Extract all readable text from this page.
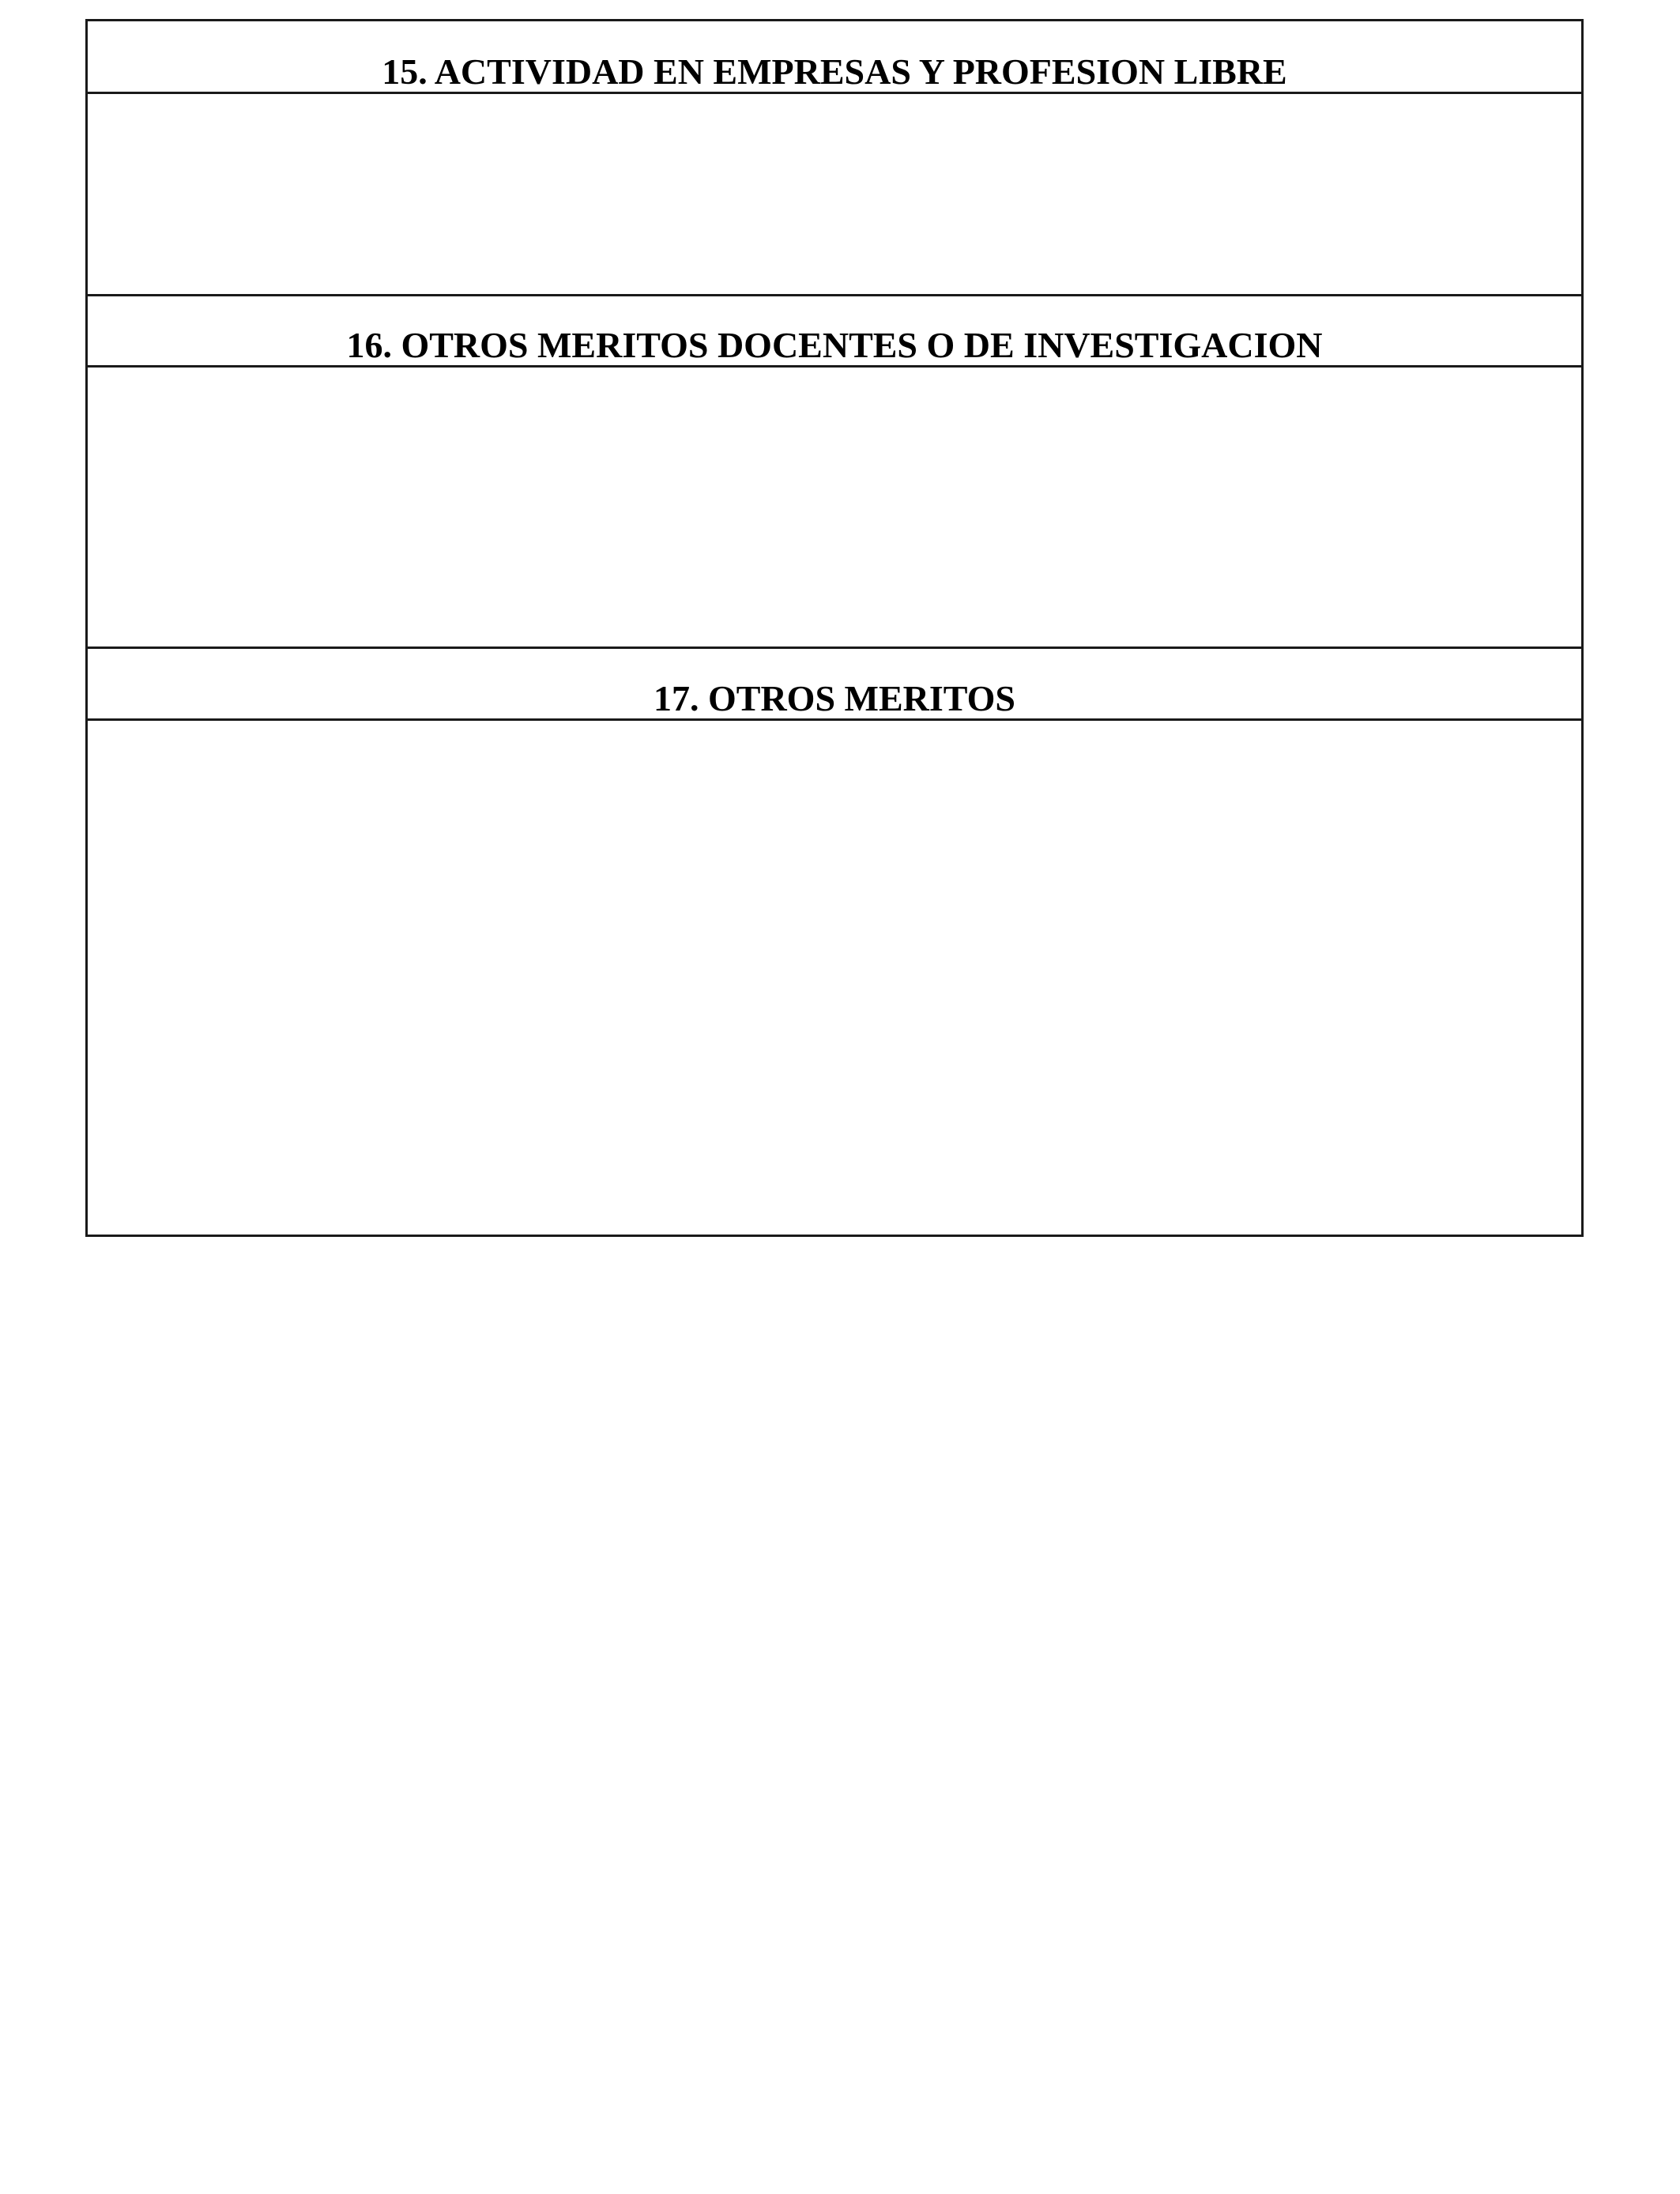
15. ACTIVIDAD EN EMPRESAS Y PROFESION LIBRE
16. OTROS MERITOS DOCENTES O DE INVESTIGACION
17. OTROS MERITOS
